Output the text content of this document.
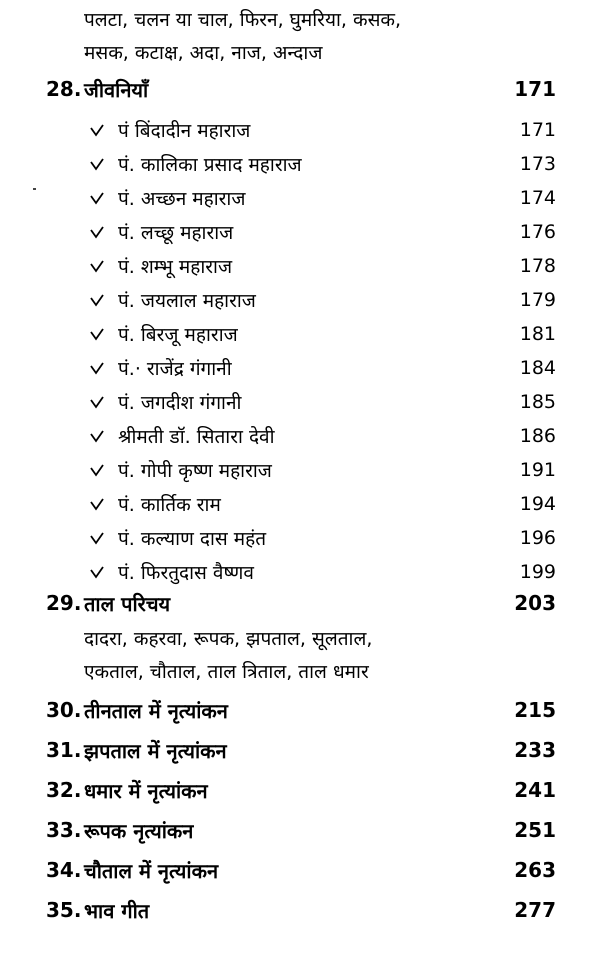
पलटा, चलन या चाल, फिरन, घुमरिया, कसक,
मसक, कटाक्ष, अदा, नाज, अन्दाज
28. जीवनियाँ	171
पं बिंदादीन महाराज	171
पं. कालिका प्रसाद महाराज	173
पं. अच्छन महाराज	174
पं. लच्छू महाराज	176
पं. शम्भू महाराज	178
पं. जयलाल महाराज	179
पं. बिरजू महाराज	181
पं.· राजेंद्र गंगानी	184
पं. जगदीश गंगानी	185
श्रीमती डॉ. सितारा देवी	186
पं. गोपी कृष्ण महाराज	191
पं. कार्तिक राम	194
पं. कल्याण दास महंत	196
पं. फिरतुदास वैष्णव	199
29. ताल परिचय	203
दादरा, कहरवा, रूपक, झपताल, सूलताल,
एकताल, चौताल, ताल त्रिताल, ताल धमार
30. तीनताल में नृत्यांकन	215
31. झपताल में नृत्यांकन	233
32. धमार में नृत्यांकन	241
33. रूपक नृत्यांकन	251
34. चौताल में नृत्यांकन	263
35. भाव गीत	277
